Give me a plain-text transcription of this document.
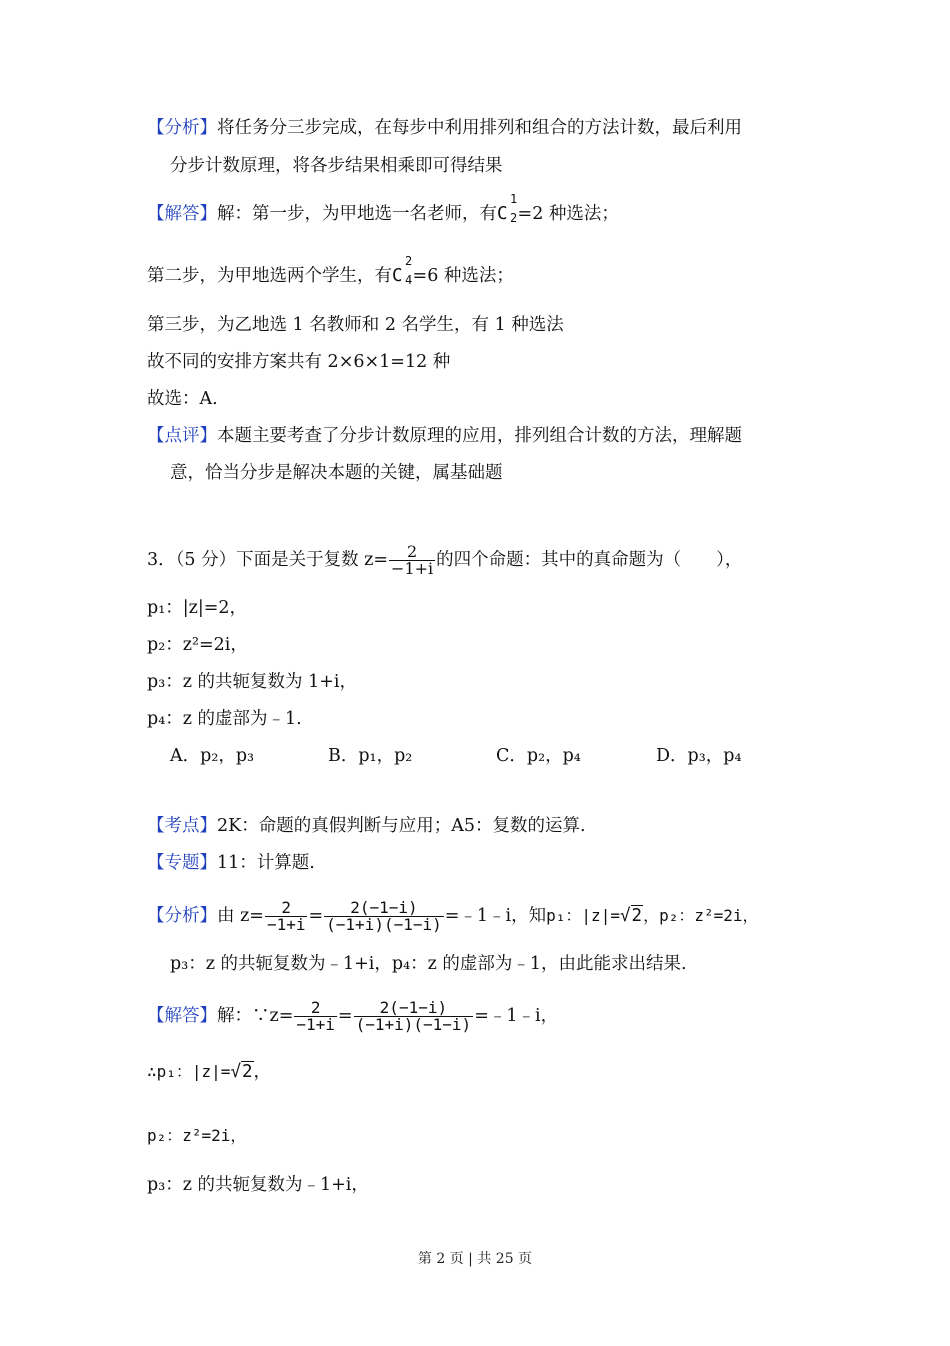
【分析】将任务分三步完成，在每步中利用排列和组合的方法计数，最后利用
分步计数原理，将各步结果相乘即可得结果
【解答】解：第一步，为甲地选一名老师，有C
1
2 =2 种选法；
第二步，为甲地选两个学生，有C
2
4 =6 种选法；
第三步，为乙地选 1 名教师和 2 名学生，有 1 种选法
故不同的安排方案共有 2×6×1=12 种
故选：A.
【点评】本题主要考查了分步计数原理的应用，排列组合计数的方法，理解题
意，恰当分步是解决本题的关键，属基础题
3．（5 分）下面是关于复数 $z= \frac{2}{-1+i}$ 的四个命题：其中的真命题为（　　），
p₁：|z|=2，
p₂：z²=2i，
p₃：z 的共轭复数为 1+i，
p₄：z 的虚部为﹣1.
A．p₂，p₃	B．p₁，p₂	C．p₂，p₄	D．p₃，p₄
【考点】2K：命题的真假判断与应用；A5：复数的运算.
【专题】11：计算题.
【分析】由 $z= \frac{2}{-1+i} = \frac{2(-1-i)}{(-1+i)(-1-i)}$ =﹣1﹣i，知p₁：|z|=√2，p₂：z²=2i，
p₃：z 的共轭复数为﹣1+i，p₄：z 的虚部为﹣1，由此能求出结果.
【解答】解：∵z= $\frac{2}{-1+i} = \frac{2(-1-i)}{(-1+i)(-1-i)}$ =﹣1﹣i，
∴p₁：|z|=√2，
p₂：z²=2i，
p₃：z 的共轭复数为﹣1+i，
第 2 页 | 共 25 页
